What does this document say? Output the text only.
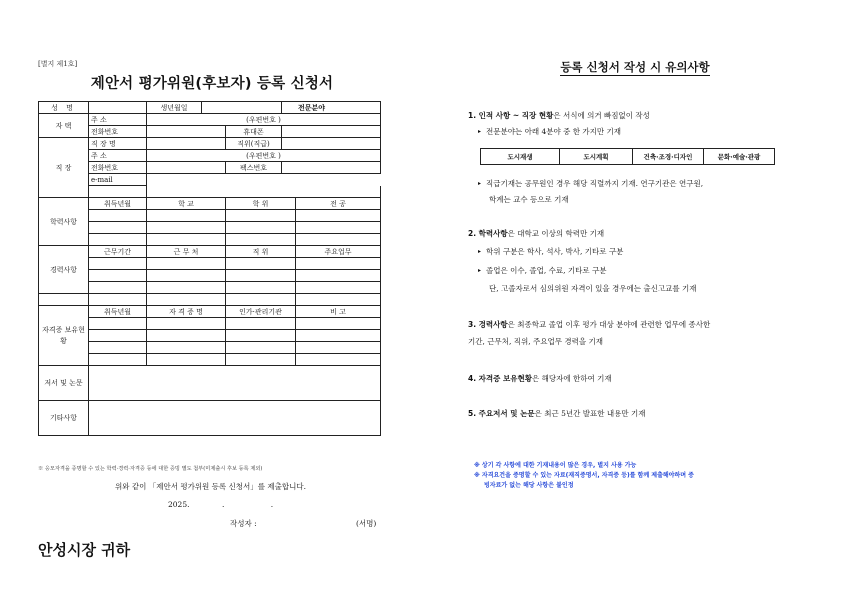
[별지 제1호]
제안서 평가위원(후보자) 등록 신청서
성 명		생년월일			전문분야	
자 택	주 소	(우편번호 )				
	전화번호			휴대폰		
직 장	직 장 명			직위(직급)		
	주 소	(우편번호 )				
	전화번호			팩스번호		
	e-mail					

학력사항	취득년월	학 교		학 위		전 공

경력사항	근무기간	근 무 처		직 위		주요업무

자격증 보유현황	취득년월	자 격 증 명		인가·관리기관		비 고

저서 및 논문						
기타사항						
※ 응모자격을 증명할 수 있는 학력·경력·자격증 등에 대한 증빙 별도 첨부(미제출시 후보 등록 제외)
위와 같이 「제안서 평가위원 등록 신청서」를 제출합니다.
2025.	. .
작성자 :	(서명)
안성시장 귀하
등록 신청서 작성 시 유의사항
1. 인적 사항 ~ 직장 현황은 서식에 의거 빠짐없이 작성
▸ 전문분야는 아래 4분야 중 한 가지만 기재
도시재생	도시계획	건축·조경·디자인	문화·예술·관광
▸ 직급기재는 공무원인 경우 해당 직렬까지 기재. 연구기관은 연구원,
학계는 교수 등으로 기재
2. 학력사항은 대학교 이상의 학력만 기재
▸ 학위 구분은 학사, 석사, 박사, 기타로 구분
▸ 졸업은 이수, 졸업, 수료, 기타로 구분
단, 고졸자로서 심의위원 자격이 있을 경우에는 출신고교를 기재
3. 경력사항은 최종학교 졸업 이후 평가 대상 분야에 관련한 업무에 종사한
기간, 근무처, 직위, 주요업무 경력을 기재
4. 자격증 보유현황은 해당자에 한하여 기재
5. 주요저서 및 논문은 최근 5년간 발표한 내용만 기재
※ 상기 각 사항에 대한 기재내용이 많은 경우, 별지 사용 가능
※ 자격요건을 증명할 수 있는 자료(재직증명서, 자격증 등)를 함께 제출해야하며 증
빙자료가 없는 해당 사항은 불인정
